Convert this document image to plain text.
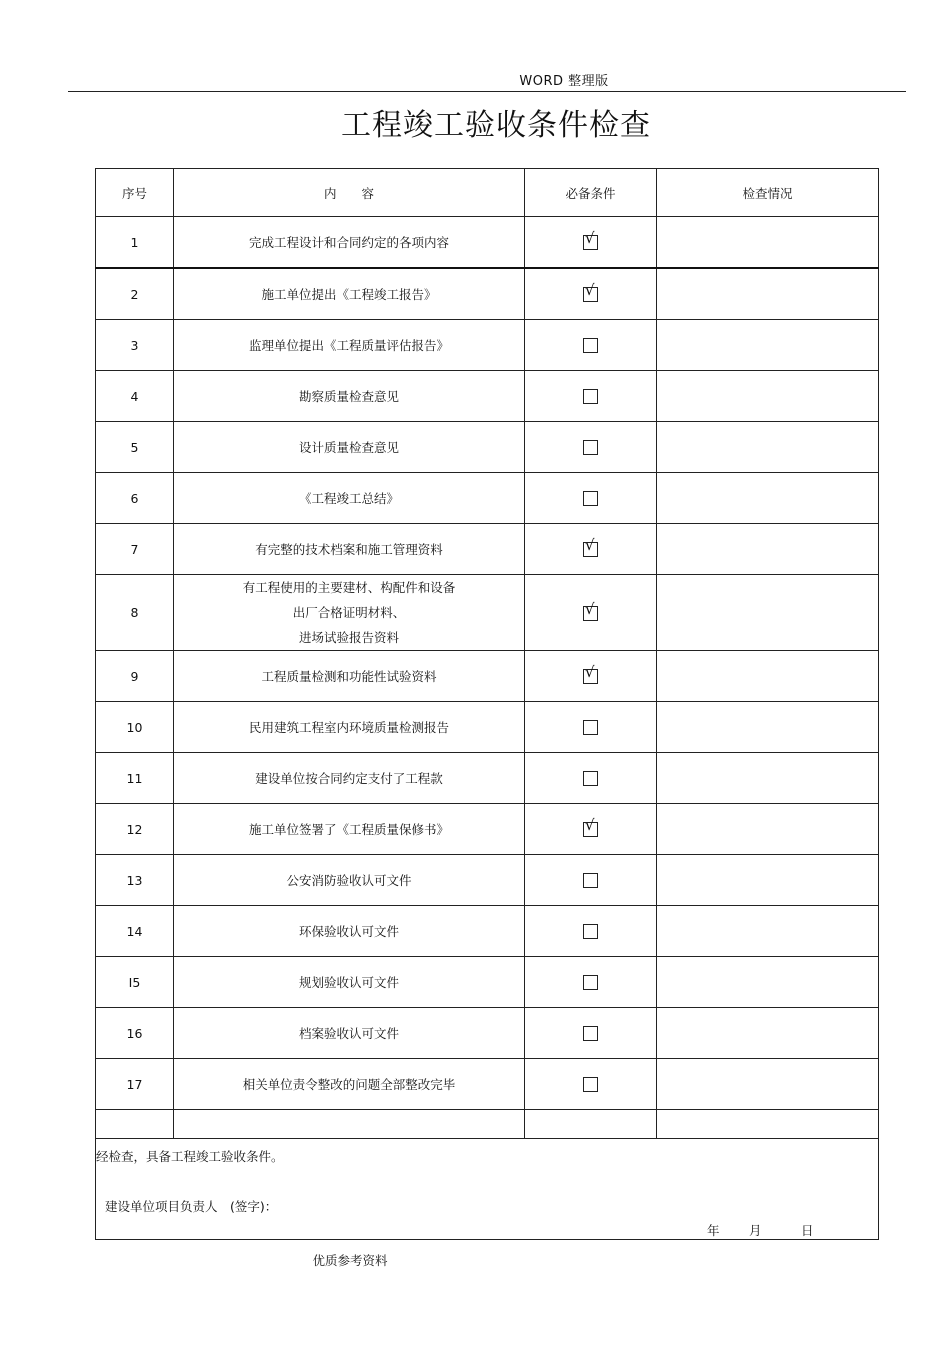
WORD 整理版
工程竣工验收条件检查
序号	内　　容	必备条件	检查情况
1	完成工程设计和合同约定的各项内容	√	

2	施工单位提出《工程竣工报告》	√	

3	监理单位提出《工程质量评估报告》		

4	勘察质量检查意见		

5	设计质量检查意见		

6	《工程竣工总结》		

7	有完整的技术档案和施工管理资料	√	

8	有工程使用的主要建材、构配件和设备
出厂合格证明材料、
进场试验报告资料	√	

9	工程质量检测和功能性试验资料	√	

10	民用建筑工程室内环境质量检测报告		

11	建设单位按合同约定支付了工程款		

12	施工单位签署了《工程质量保修书》	√	

13	公安消防验收认可文件		

14	环保验收认可文件		

I5	规划验收认可文件		

16	档案验收认可文件		

17	相关单位责令整改的问题全部整改完毕		

经检查，具备工程竣工验收条件。
建设单位项目负责人　(签字)：
年 月 日			
优质参考资料
